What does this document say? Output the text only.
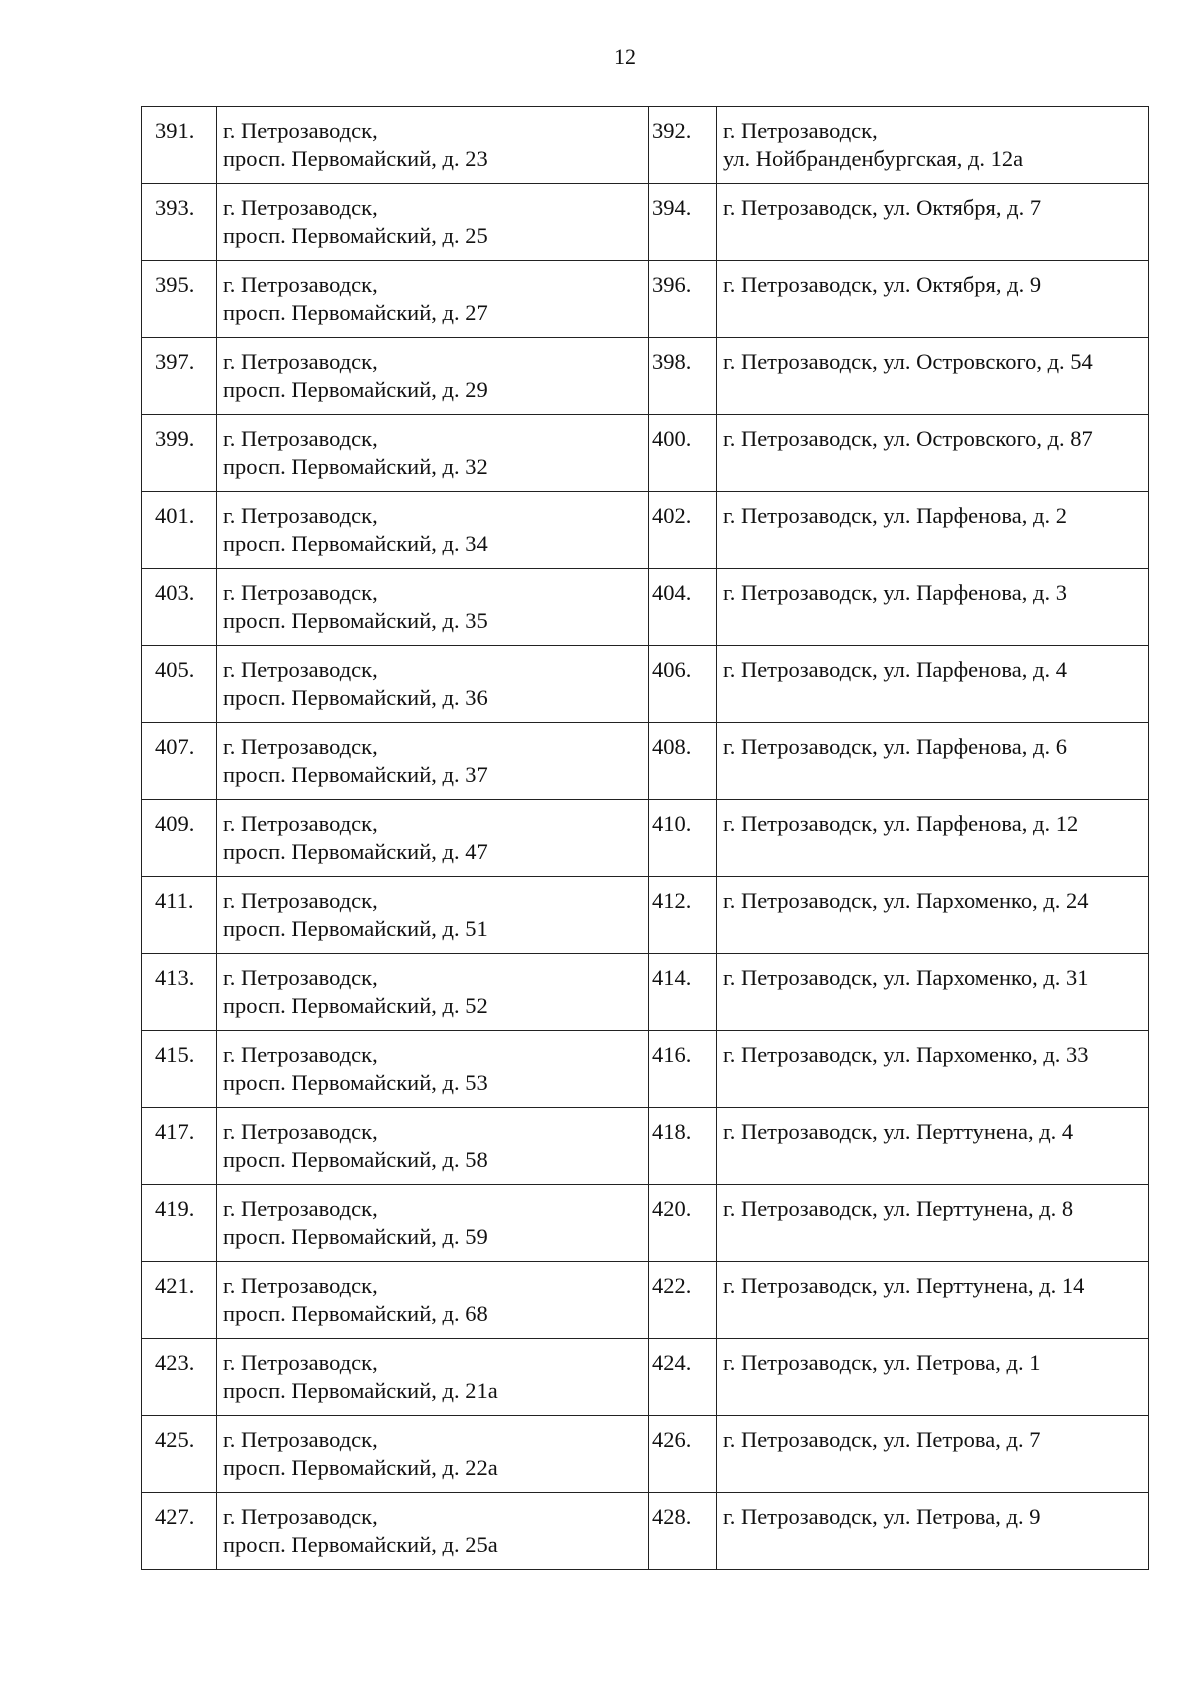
12
391.	г. Петрозаводск,
просп. Первомайский, д. 23	392.	г. Петрозаводск,
ул. Нойбранденбургская, д. 12а

393.	г. Петрозаводск,
просп. Первомайский, д. 25	394.	г. Петрозаводск, ул. Октября, д. 7

395.	г. Петрозаводск,
просп. Первомайский, д. 27	396.	г. Петрозаводск, ул. Октября, д. 9

397.	г. Петрозаводск,
просп. Первомайский, д. 29	398.	г. Петрозаводск, ул. Островского, д. 54

399.	г. Петрозаводск,
просп. Первомайский, д. 32	400.	г. Петрозаводск, ул. Островского, д. 87

401.	г. Петрозаводск,
просп. Первомайский, д. 34	402.	г. Петрозаводск, ул. Парфенова, д. 2

403.	г. Петрозаводск,
просп. Первомайский, д. 35	404.	г. Петрозаводск, ул. Парфенова, д. 3

405.	г. Петрозаводск,
просп. Первомайский, д. 36	406.	г. Петрозаводск, ул. Парфенова, д. 4

407.	г. Петрозаводск,
просп. Первомайский, д. 37	408.	г. Петрозаводск, ул. Парфенова, д. 6

409.	г. Петрозаводск,
просп. Первомайский, д. 47	410.	г. Петрозаводск, ул. Парфенова, д. 12

411.	г. Петрозаводск,
просп. Первомайский, д. 51	412.	г. Петрозаводск, ул. Пархоменко, д. 24

413.	г. Петрозаводск,
просп. Первомайский, д. 52	414.	г. Петрозаводск, ул. Пархоменко, д. 31

415.	г. Петрозаводск,
просп. Первомайский, д. 53	416.	г. Петрозаводск, ул. Пархоменко, д. 33

417.	г. Петрозаводск,
просп. Первомайский, д. 58	418.	г. Петрозаводск, ул. Перттунена, д. 4

419.	г. Петрозаводск,
просп. Первомайский, д. 59	420.	г. Петрозаводск, ул. Перттунена, д. 8

421.	г. Петрозаводск,
просп. Первомайский, д. 68	422.	г. Петрозаводск, ул. Перттунена, д. 14

423.	г. Петрозаводск,
просп. Первомайский, д. 21а	424.	г. Петрозаводск, ул. Петрова, д. 1

425.	г. Петрозаводск,
просп. Первомайский, д. 22а	426.	г. Петрозаводск, ул. Петрова, д. 7

427.	г. Петрозаводск,
просп. Первомайский, д. 25а	428.	г. Петрозаводск, ул. Петрова, д. 9
